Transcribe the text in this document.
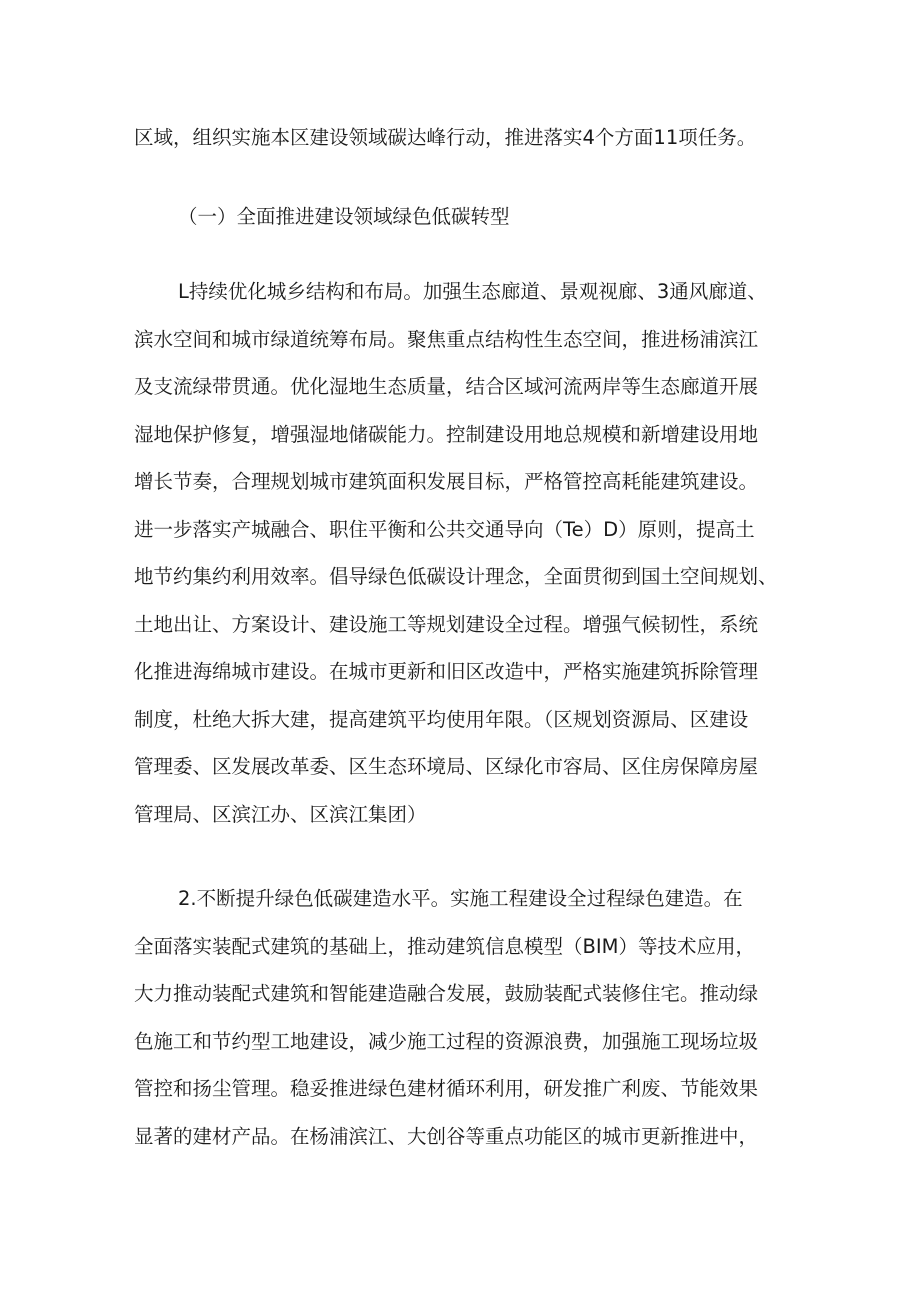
区域，组织实施本区建设领域碳达峰行动，推进落实4个方面11项任务。
（一）全面推进建设领域绿色低碳转型
L持续优化城乡结构和布局。加强生态廊道、景观视廊、3通风廊道、
滨水空间和城市绿道统筹布局。聚焦重点结构性生态空间，推进杨浦滨江
及支流绿带贯通。优化湿地生态质量，结合区域河流两岸等生态廊道开展
湿地保护修复，增强湿地储碳能力。控制建设用地总规模和新增建设用地
增长节奏，合理规划城市建筑面积发展目标，严格管控高耗能建筑建设。
进一步落实产城融合、职住平衡和公共交通导向（Te）D）原则，提高土
地节约集约利用效率。倡导绿色低碳设计理念，全面贯彻到国土空间规划、
土地出让、方案设计、建设施工等规划建设全过程。增强气候韧性，系统
化推进海绵城市建设。在城市更新和旧区改造中，严格实施建筑拆除管理
制度，杜绝大拆大建，提高建筑平均使用年限。（区规划资源局、区建设
管理委、区发展改革委、区生态环境局、区绿化市容局、区住房保障房屋
管理局、区滨江办、区滨江集团）
2.不断提升绿色低碳建造水平。实施工程建设全过程绿色建造。在
全面落实装配式建筑的基础上，推动建筑信息模型（BIM）等技术应用，
大力推动装配式建筑和智能建造融合发展，鼓励装配式装修住宅。推动绿
色施工和节约型工地建设，减少施工过程的资源浪费，加强施工现场垃圾
管控和扬尘管理。稳妥推进绿色建材循环利用，研发推广利废、节能效果
显著的建材产品。在杨浦滨江、大创谷等重点功能区的城市更新推进中，
